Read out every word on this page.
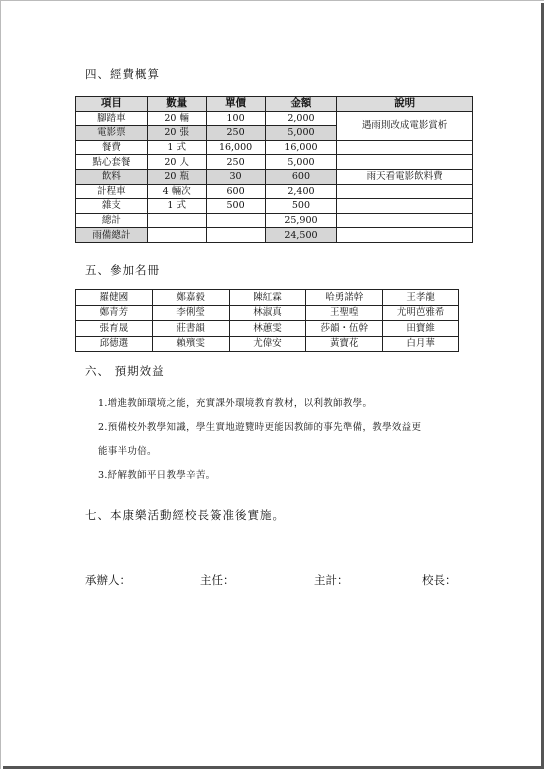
四、經費概算
項目	數量	單價	金額	說明
腳踏車	20 輛	100	2,000	遇雨則改成電影賞析
電影票	20 張	250	5,000	
餐費	1 式	16,000	16,000	
點心套餐	20 人	250	5,000	
飲料	20 瓶	30	600	雨天看電影飲料費
計程車	4 輛次	600	2,400	
雜支	1 式	500	500	
總計			25,900	
雨備總計			24,500	
五、參加名冊
羅健國	鄭嘉毅	陳紅霖	哈勇諾幹	王孝龍
鄭青芳	李俐瑩	林淑真	王聖喤	尤明芭雅希
張育晟	莊書韻	林蕙雯	莎韻・伍幹	田寶維
邱德選	賴殯雯	尤偉安	黃寶花	白月華
六、 預期效益
1.增進教師環境之能，充實課外環境教育教材，以利教師教學。
2.預備校外教學知識，學生實地遊覽時更能因教師的事先準備，教學效益更
能事半功倍。
3.紓解教師平日教學辛苦。
七、本康樂活動經校長簽准後實施。
承辦人：	主任：	主計：	校長：
